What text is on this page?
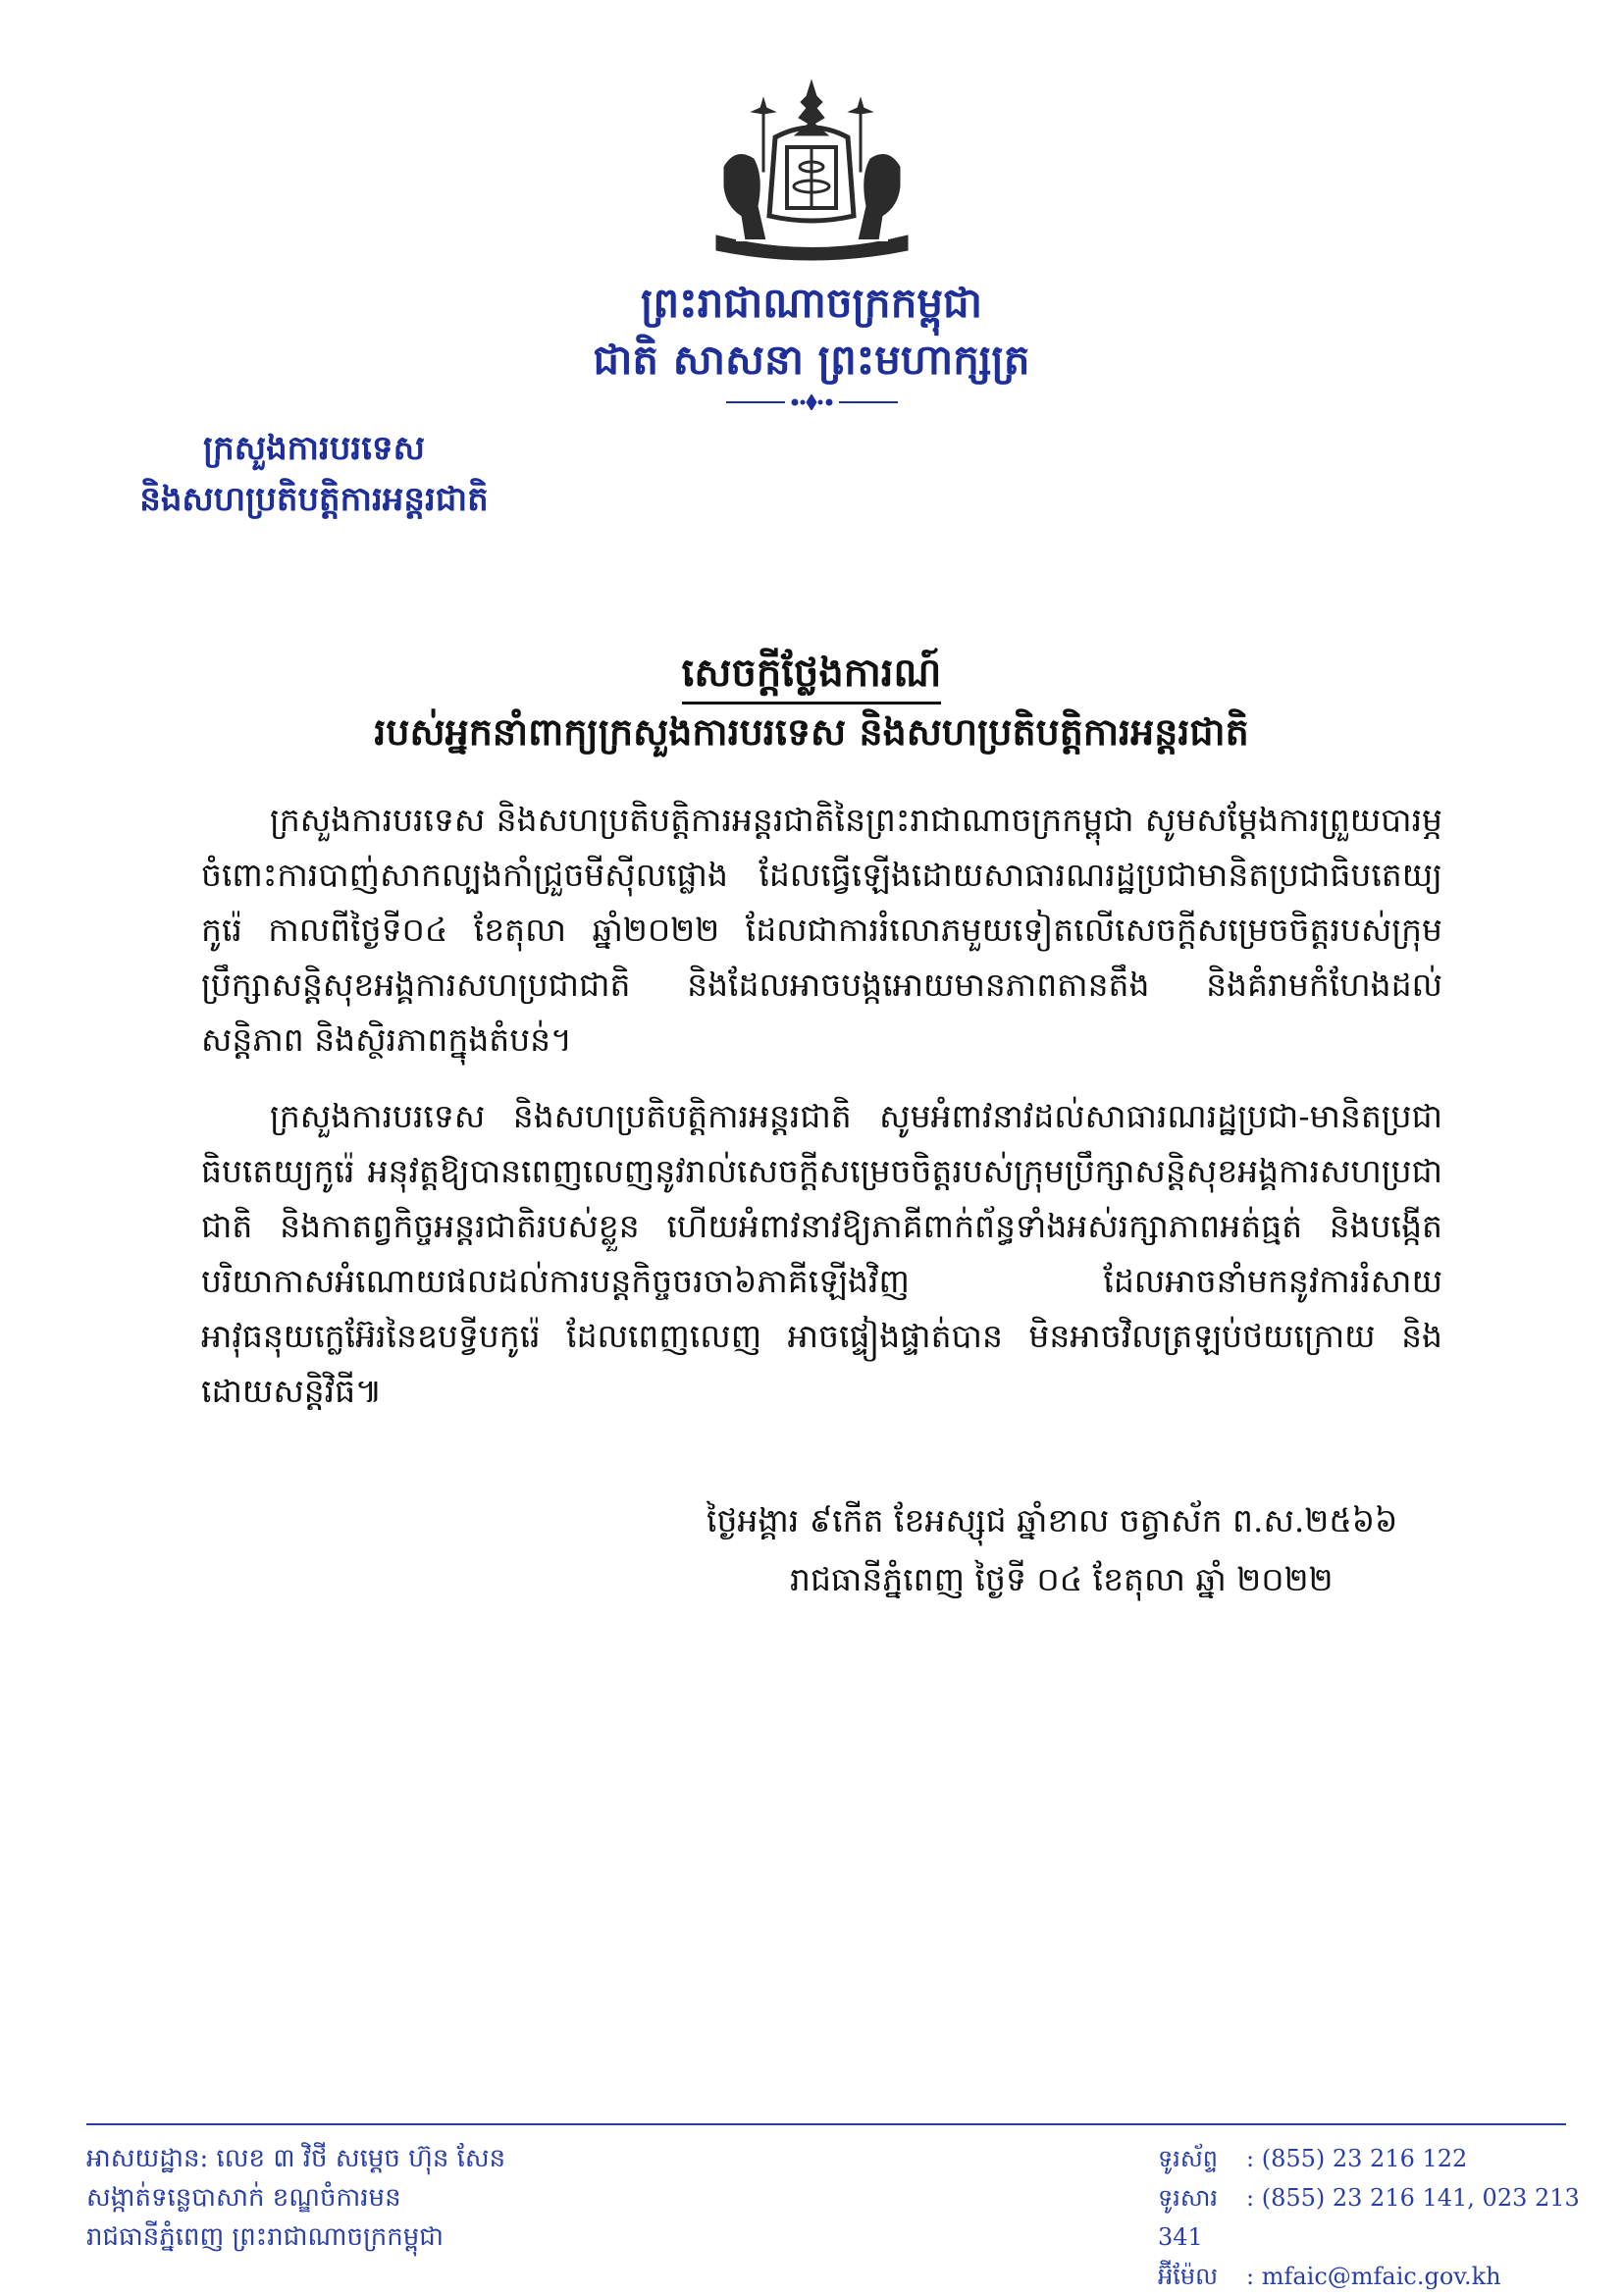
ព្រះរាជាណាចក្រកម្ពុជា
ជាតិ សាសនា ព្រះមហាក្សត្រ
ក្រសួងការបរទេស
និងសហប្រតិបត្តិការអន្តរជាតិ
សេចក្តីថ្លែងការណ៍
របស់អ្នកនាំពាក្យក្រសួងការបរទេស និងសហប្រតិបត្តិការអន្តរជាតិ

ក្រសួងការបរទេស និងសហប្រតិបត្តិការអន្តរជាតិនៃព្រះរាជាណាចក្រកម្ពុជា សូមសម្តែងការព្រួយបារម្ភ ចំពោះការបាញ់សាកល្បងកាំជ្រួចមីស៊ីលផ្លោង ដែលធ្វើឡើងដោយសាធារណរដ្ឋប្រជាមានិតប្រជាធិបតេយ្យកូរ៉េ កាលពីថ្ងៃទី០៤ ខែតុលា ឆ្នាំ២០២២ ដែលជាការរំលោភមួយទៀតលើសេចក្តីសម្រេចចិត្តរបស់ក្រុមប្រឹក្សាសន្តិសុខអង្គការសហប្រជាជាតិ និងដែលអាចបង្កអោយមានភាពតានតឹង និងគំរាមកំហែងដល់សន្តិភាព និងស្ថិរភាពក្នុងតំបន់។

ក្រសួងការបរទេស និងសហប្រតិបត្តិការអន្តរជាតិ សូមអំពាវនាវដល់សាធារណរដ្ឋប្រជា-មានិតប្រជាធិបតេយ្យកូរ៉េ អនុវត្តឱ្យបានពេញលេញនូវរាល់សេចក្តីសម្រេចចិត្តរបស់ក្រុមប្រឹក្សាសន្តិសុខអង្គការសហប្រជាជាតិ និងកាតព្វកិច្ចអន្តរជាតិរបស់ខ្លួន ហើយអំពាវនាវឱ្យភាគីពាក់ព័ន្ធទាំងអស់រក្សាភាពអត់ធ្មត់ និងបង្កើតបរិយាកាសអំណោយផលដល់ការបន្តកិច្ចចរចា៦ភាគីឡើងវិញ ដែលអាចនាំមកនូវការរំសាយអាវុធនុយក្លេអ៊ែរនៃឧបទ្វីបកូរ៉េ ដែលពេញលេញ អាចផ្ទៀងផ្ទាត់បាន មិនអាចវិលត្រឡប់ថយក្រោយ និងដោយសន្តិវិធី៕

ថ្ងៃអង្គារ ៩កើត ខែអស្សុជ ឆ្នាំខាល ចត្វាស័ក ព.ស.២៥៦៦
រាជធានីភ្នំពេញ ថ្ងៃទី ០៤ ខែតុលា ឆ្នាំ ២០២២
អាសយដ្ឋាន: លេខ ៣ វិថី សម្តេច ហ៊ុន សែន
សង្កាត់ទន្លេបាសាក់ ខណ្ឌចំការមន
រាជធានីភ្នំពេញ ព្រះរាជាណាចក្រកម្ពុជា
ទូរស័ព្ទ : (855) 23 216 122
ទូរសារ : (855) 23 216 141, 023 213 341
អ៊ីម៉ែល : mfaic@mfaic.gov.kh
